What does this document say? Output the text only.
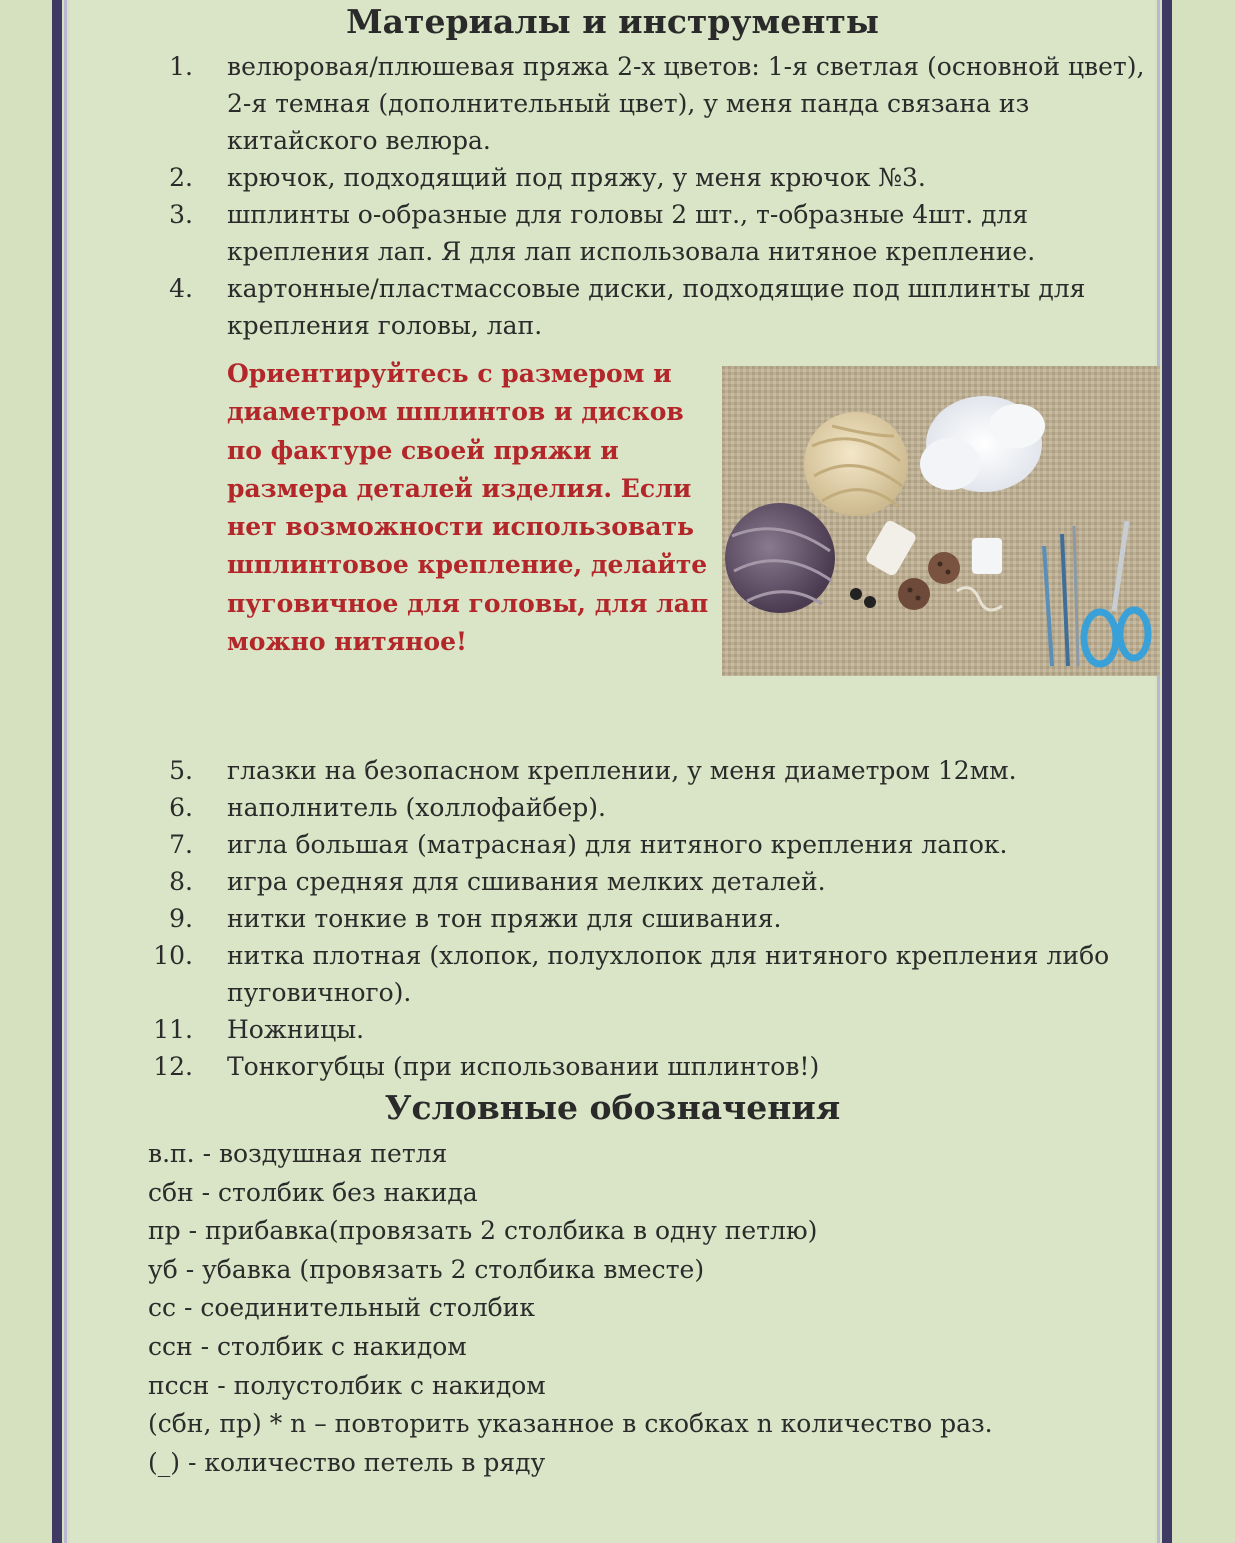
Материалы и инструменты
1. велюровая/плюшевая пряжа 2-х цветов: 1-я светлая (основной цвет), 2-я темная (дополнительный цвет), у меня панда связана из китайского велюра.
2. крючок, подходящий под пряжу, у меня крючок №3.
3. шплинты о-образные для головы 2 шт., т-образные 4шт. для крепления лап. Я для лап использовала нитяное крепление.
4. картонные/пластмассовые диски, подходящие под шплинты для крепления головы, лап.
Ориентируйтесь с размером и диаметром шплинтов и дисков по фактуре своей пряжи и размера деталей изделия. Если нет возможности использовать шплинтовое крепление, делайте пуговичное для головы, для лап можно нитяное!
5. глазки на безопасном креплении, у меня диаметром 12мм.
6. наполнитель (холлофайбер).
7. игла большая (матрасная) для нитяного крепления лапок.
8. игра средняя для сшивания мелких деталей.
9. нитки тонкие в тон пряжи для сшивания.
10. нитка плотная (хлопок, полухлопок для нитяного крепления либо пуговичного).
11. Ножницы.
12. Тонкогубцы (при использовании шплинтов!)
Условные обозначения
в.п. - воздушная петля
сбн - столбик без накида
пр - прибавка(провязать 2 столбика в одну петлю)
уб - убавка (провязать 2 столбика вместе)
сс - соединительный столбик
ссн - столбик с накидом
пссн - полустолбик с накидом
(сбн, пр) * n – повторить указанное в скобках n количество раз.
(_) - количество петель в ряду
